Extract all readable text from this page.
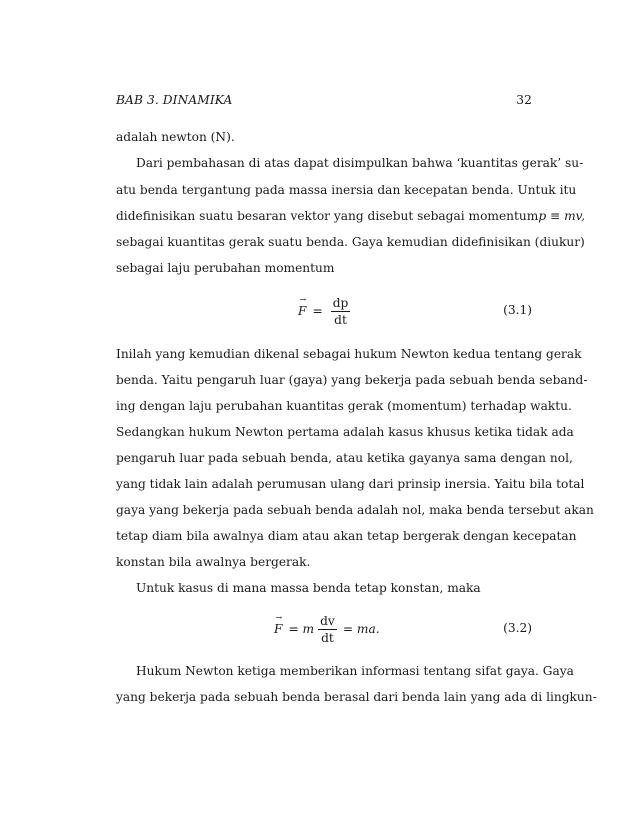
BAB 3. DINAMIKA	32
adalah newton (N).
Dari pembahasan di atas dapat disimpulkan bahwa ‘kuantitas gerak’ su-
atu benda tergantung pada massa inersia dan kecepatan benda. Untuk itu
didefinisikan suatu besaran vektor yang disebut sebagai momentum p ≡ mv,
sebagai kuantitas gerak suatu benda. Gaya kemudian didefinisikan (diukur)
sebagai laju perubahan momentum
→ $F = \frac{dp}{dt}$	(3.1)
Inilah yang kemudian dikenal sebagai hukum Newton kedua tentang gerak
benda. Yaitu pengaruh luar (gaya) yang bekerja pada sebuah benda seband-
ing dengan laju perubahan kuantitas gerak (momentum) terhadap waktu.
Sedangkan hukum Newton pertama adalah kasus khusus ketika tidak ada
pengaruh luar pada sebuah benda, atau ketika gayanya sama dengan nol,
yang tidak lain adalah perumusan ulang dari prinsip inersia. Yaitu bila total
gaya yang bekerja pada sebuah benda adalah nol, maka benda tersebut akan
tetap diam bila awalnya diam atau akan tetap bergerak dengan kecepatan
konstan bila awalnya bergerak.
Untuk kasus di mana massa benda tetap konstan, maka
→ F = m $\frac{dv}{dt}$ = ma.	(3.2)
Hukum Newton ketiga memberikan informasi tentang sifat gaya. Gaya
yang bekerja pada sebuah benda berasal dari benda lain yang ada di lingkun-
